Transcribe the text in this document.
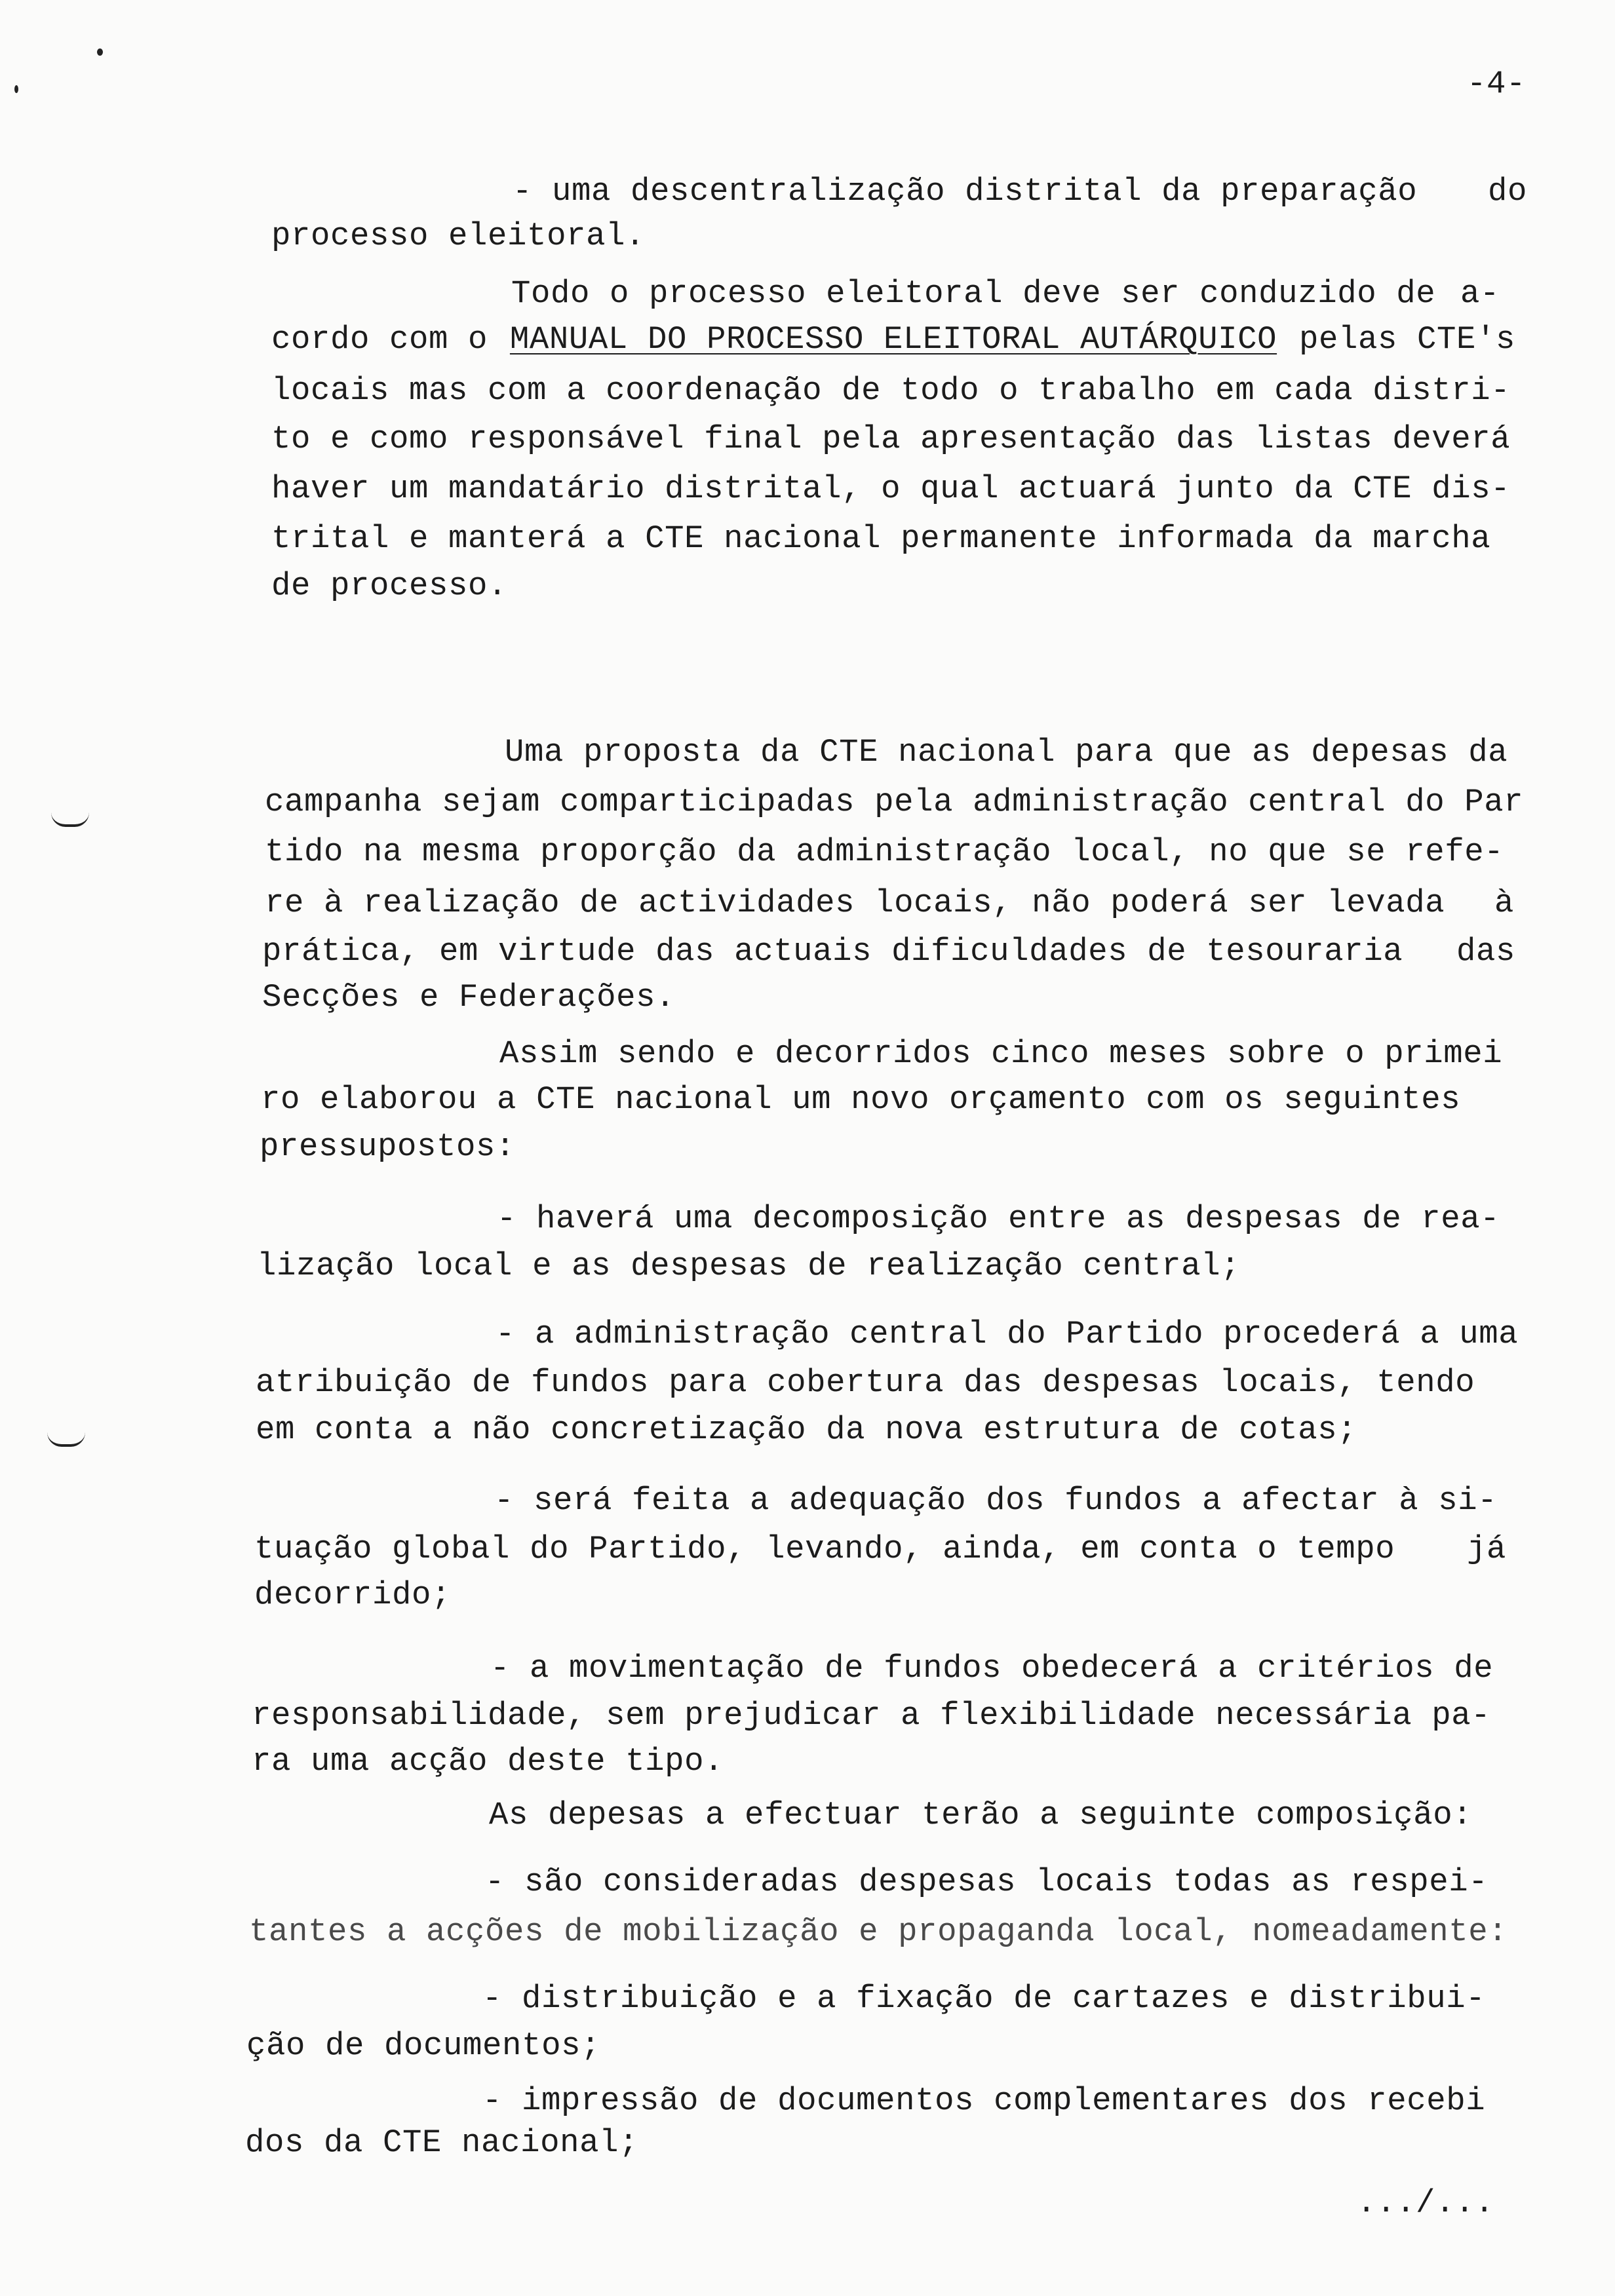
-4-
- uma descentralização distrital da preparação do
processo eleitoral.
Todo o processo eleitoral deve ser conduzido de a-
cordo com o MANUAL DO PROCESSO ELEITORAL AUTÁRQUICO pelas CTE's
locais mas com a coordenação de todo o trabalho em cada distri-
to e como responsável final pela apresentação das listas deverá
haver um mandatário distrital, o qual actuará junto da CTE dis-
trital e manterá a CTE nacional permanente informada da marcha
de processo.
Uma proposta da CTE nacional para que as depesas da
campanha sejam comparticipadas pela administração central do Par
tido na mesma proporção da administração local, no que se refe-
re à realização de actividades locais, não poderá ser levada à
prática, em virtude das actuais dificuldades de tesouraria das
Secções e Federações.
Assim sendo e decorridos cinco meses sobre o primei
ro elaborou a CTE nacional um novo orçamento com os seguintes
pressupostos:
- haverá uma decomposição entre as despesas de rea-
lização local e as despesas de realização central;
- a administração central do Partido procederá a uma
atribuição de fundos para cobertura das despesas locais, tendo
em conta a não concretização da nova estrutura de cotas;
- será feita a adequação dos fundos a afectar à si-
tuação global do Partido, levando, ainda, em conta o tempo já
decorrido;
- a movimentação de fundos obedecerá a critérios de
responsabilidade, sem prejudicar a flexibilidade necessária pa-
ra uma acção deste tipo.
As depesas a efectuar terão a seguinte composição:
- são consideradas despesas locais todas as respei-
tantes a acções de mobilização e propaganda local, nomeadamente:
- distribuição e a fixação de cartazes e distribui-
ção de documentos;
- impressão de documentos complementares dos recebi
dos da CTE nacional;
.../...
